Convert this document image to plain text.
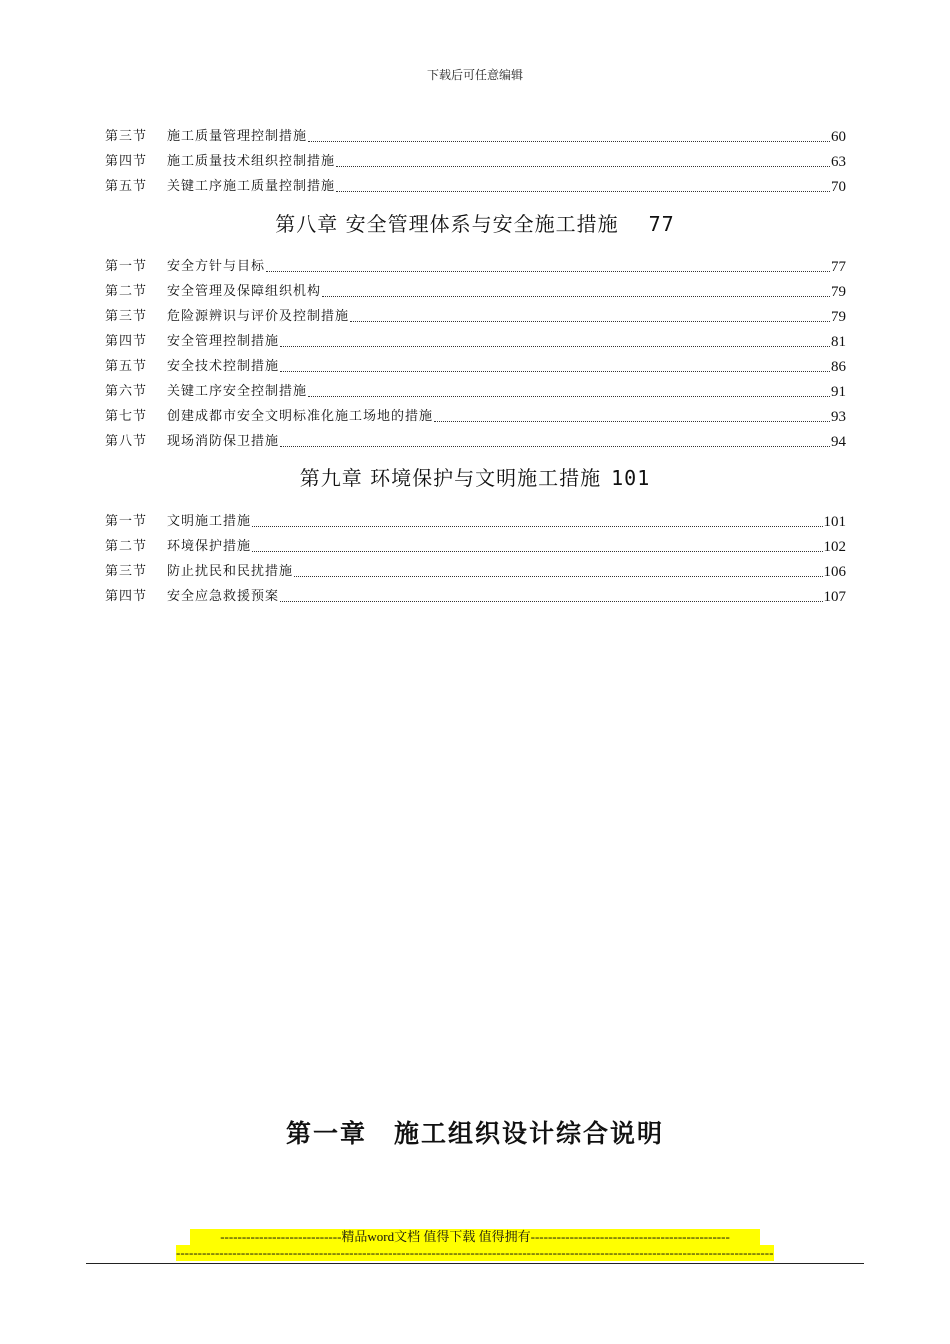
下载后可任意编辑
第三节	施工质量管理控制措施	60
第四节	施工质量技术组织控制措施	63
第五节	关键工序施工质量控制措施	70
第八章 安全管理体系与安全施工措施 77
第一节	安全方针与目标	77
第二节	安全管理及保障组织机构	79
第三节	危险源辨识与评价及控制措施	79
第四节	安全管理控制措施	81
第五节	安全技术控制措施	86
第六节	关键工序安全控制措施	91
第七节	创建成都市安全文明标准化施工场地的措施	93
第八节	现场消防保卫措施	94
第九章 环境保护与文明施工措施 101
第一节	文明施工措施	101
第二节	环境保护措施	102
第三节	防止扰民和民扰措施	106
第四节	安全应急救援预案	107
第一章　施工组织设计综合说明
----------------------------精品word文档 值得下载 值得拥有----------------------------------------------
------------------------------------------------------------------------------------------------------------------------------------------
